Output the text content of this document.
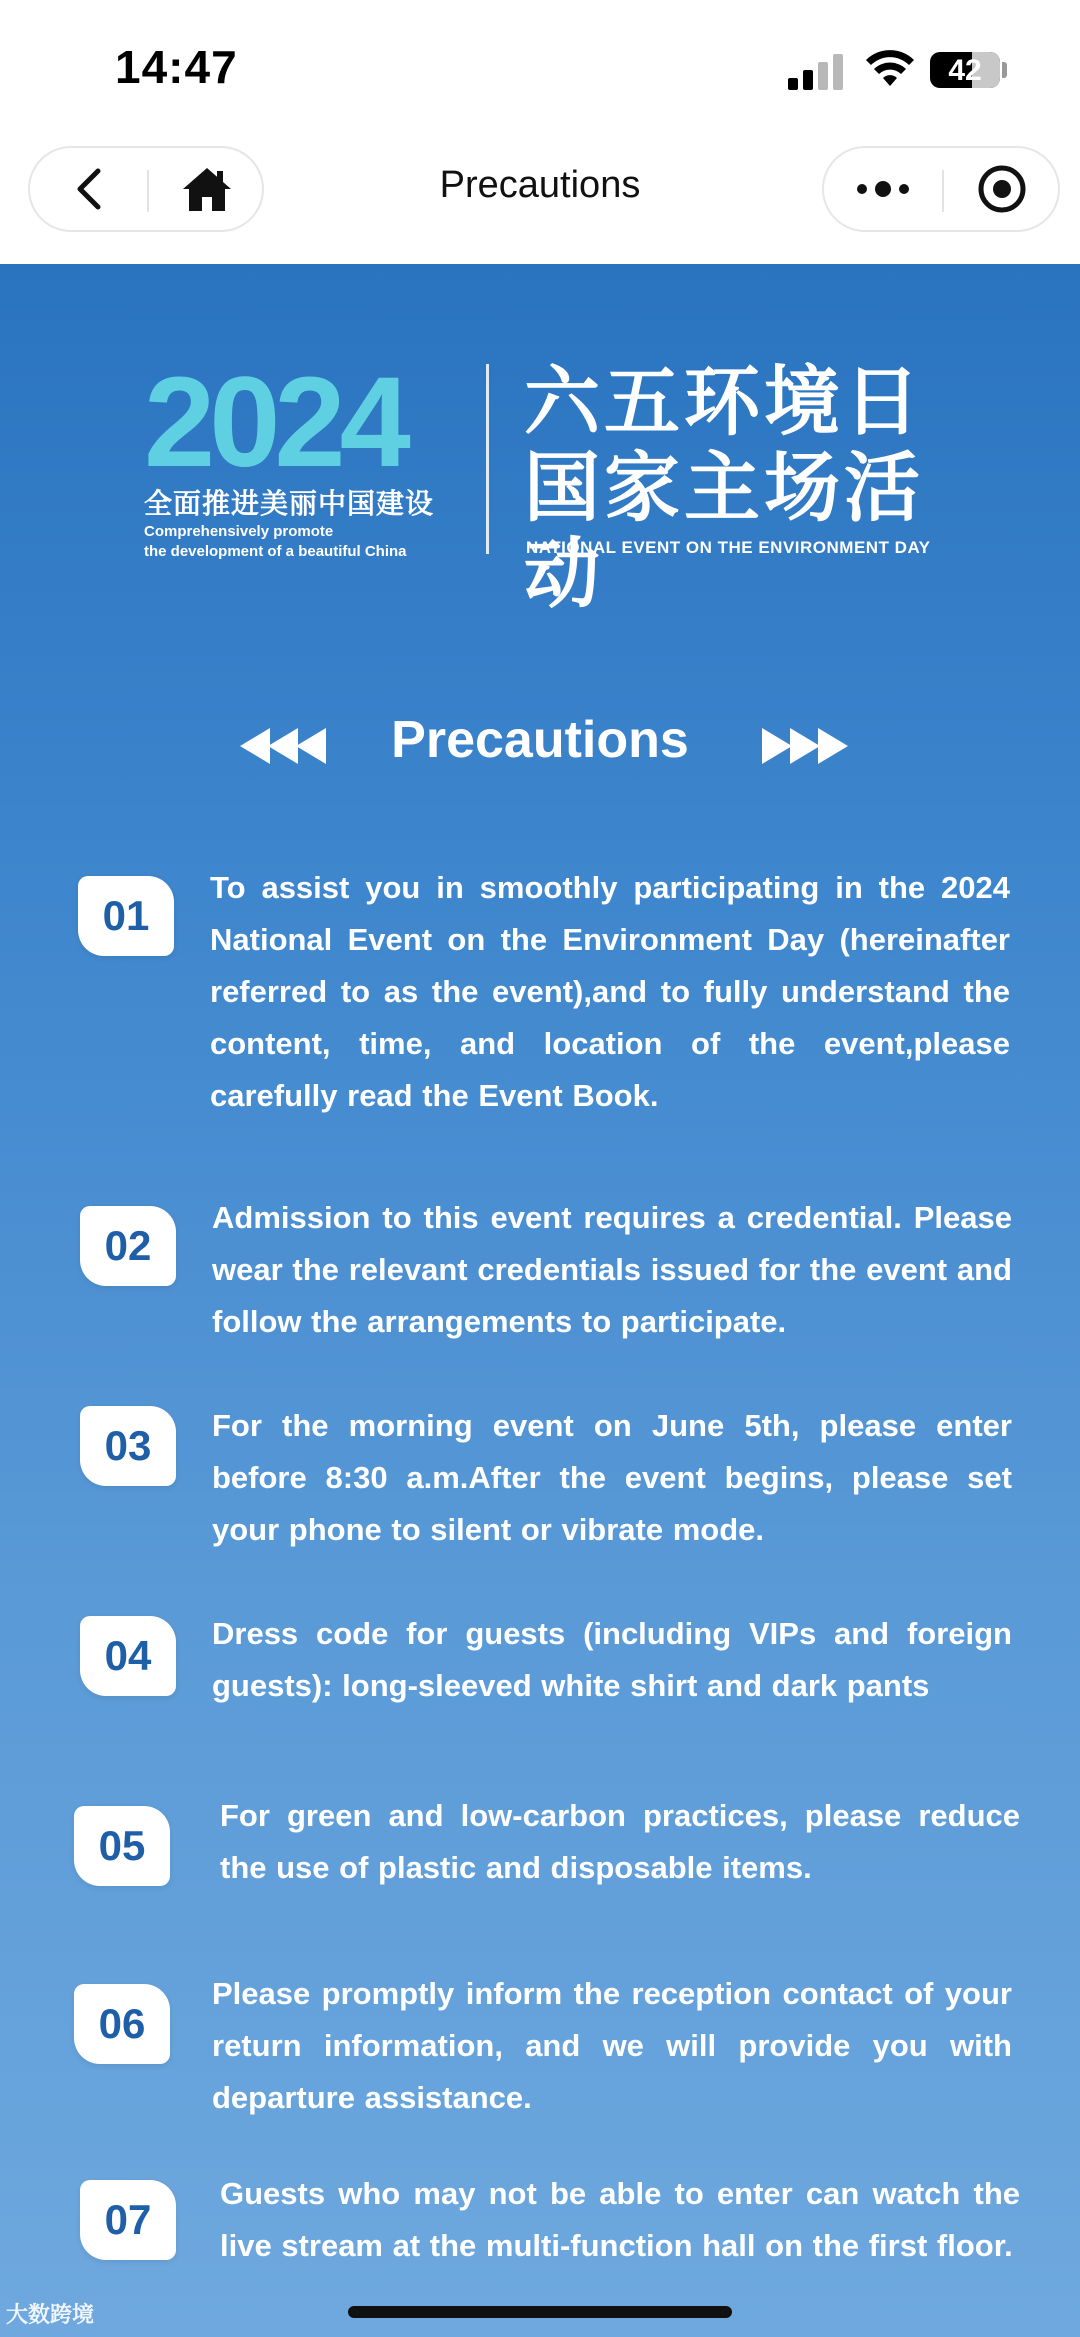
14:47	42
Precautions
2024
全面推进美丽中国建设
Comprehensively promote
the development of a beautiful China
六五环境日
国家主场活动
NATIONAL EVENT ON THE ENVIRONMENT DAY
Precautions
01
To assist you in smoothly participating in the 2024 National Event on the Environment Day (hereinafter referred to as the event),and to fully understand the content, time, and location of the event,please carefully read the Event Book.
02
Admission to this event requires a credential. Please wear the relevant credentials issued for the event and follow the arrangements to participate.
03	For the morning event on June 5th, please enter before 8:30 a.m.After the event begins, please set your phone to silent or vibrate mode.
04	Dress code for guests (including VIPs and foreign guests): long-sleeved white shirt and dark pants
05
For green and low-carbon practices, please reduce the use of plastic and disposable items.
06
Please promptly inform the reception contact of your return information, and we will provide you with departure assistance.
07
Guests who may not be able to enter can watch the live stream at the multi-function hall on the first floor.
大数跨境
